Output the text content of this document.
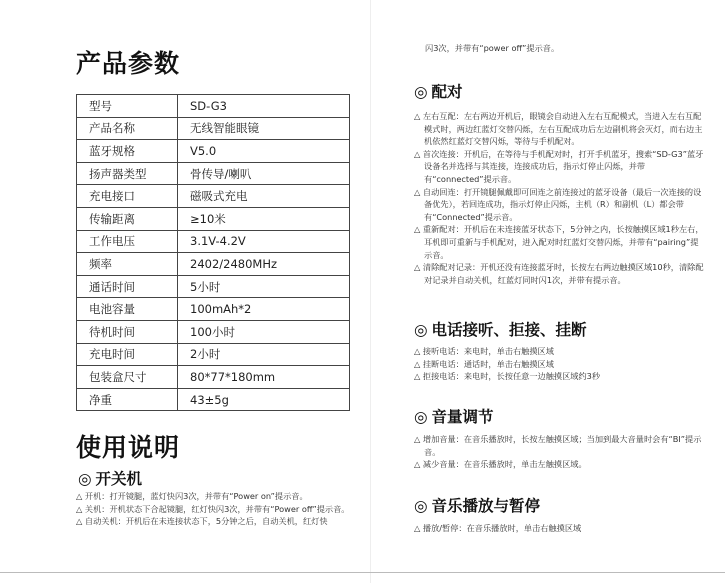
产品参数
型号	SD-G3
产品名称	无线智能眼镜
蓝牙规格	V5.0
扬声器类型	骨传导/喇叭
充电接口	磁吸式充电
传输距离	≥10米
工作电压	3.1V-4.2V
频率	2402/2480MHz
通话时间	5小时
电池容量	100mAh*2
待机时间	100小时
充电时间	2小时
包装盒尺寸	80*77*180mm
净重	43±5g
使用说明
◎ 开关机

△ 开机：打开镜腿，蓝灯快闪3次，并带有“Power on”提示音。

△ 关机：开机状态下合起镜腿，红灯快闪3次，并带有“Power off”提示音。

△ 自动关机：开机后在未连接状态下，5分钟之后，自动关机，红灯快

闪3次，并带有“power off”提示音。

◎ 配对

△ 左右互配：左右两边开机后，眼镜会自动进入左右互配模式，当进入左右互配模式时，两边红蓝灯交替闪烁，左右互配成功后左边副机将会灭灯，而右边主机依然红蓝灯交替闪烁，等待与手机配对。

△ 首次连接：开机后，在等待与手机配对时，打开手机蓝牙，搜索“SD-G3”蓝牙设备名并选择与其连接，连接成功后，指示灯停止闪烁，并带有“connected”提示音。

△ 自动回连：打开镜腿佩戴即可回连之前连接过的蓝牙设备（最后一次连接的设备优先），若回连成功，指示灯停止闪烁，主机（R）和副机（L）都会带有“Connected”提示音。

△ 重新配对：开机后在未连接蓝牙状态下，5分钟之内，长按触摸区域1秒左右，耳机即可重新与手机配对，进入配对时红蓝灯交替闪烁，并带有“pairing”提示音。

△ 清除配对记录：开机还没有连接蓝牙时，长按左右两边触摸区域10秒，清除配对记录并自动关机，红蓝灯同时闪1次，并带有提示音。

◎ 电话接听、拒接、挂断

△ 接听电话：来电时，单击右触摸区域

△ 挂断电话：通话时，单击右触摸区域

△ 拒接电话：来电时，长按任意一边触摸区域约3秒

◎ 音量调节

△ 增加音量：在音乐播放时，长按左触摸区域；当加到最大音量时会有“BI”提示音。

△ 减少音量：在音乐播放时，单击左触摸区域。

◎ 音乐播放与暂停

△ 播放/暂停：在音乐播放时，单击右触摸区域
